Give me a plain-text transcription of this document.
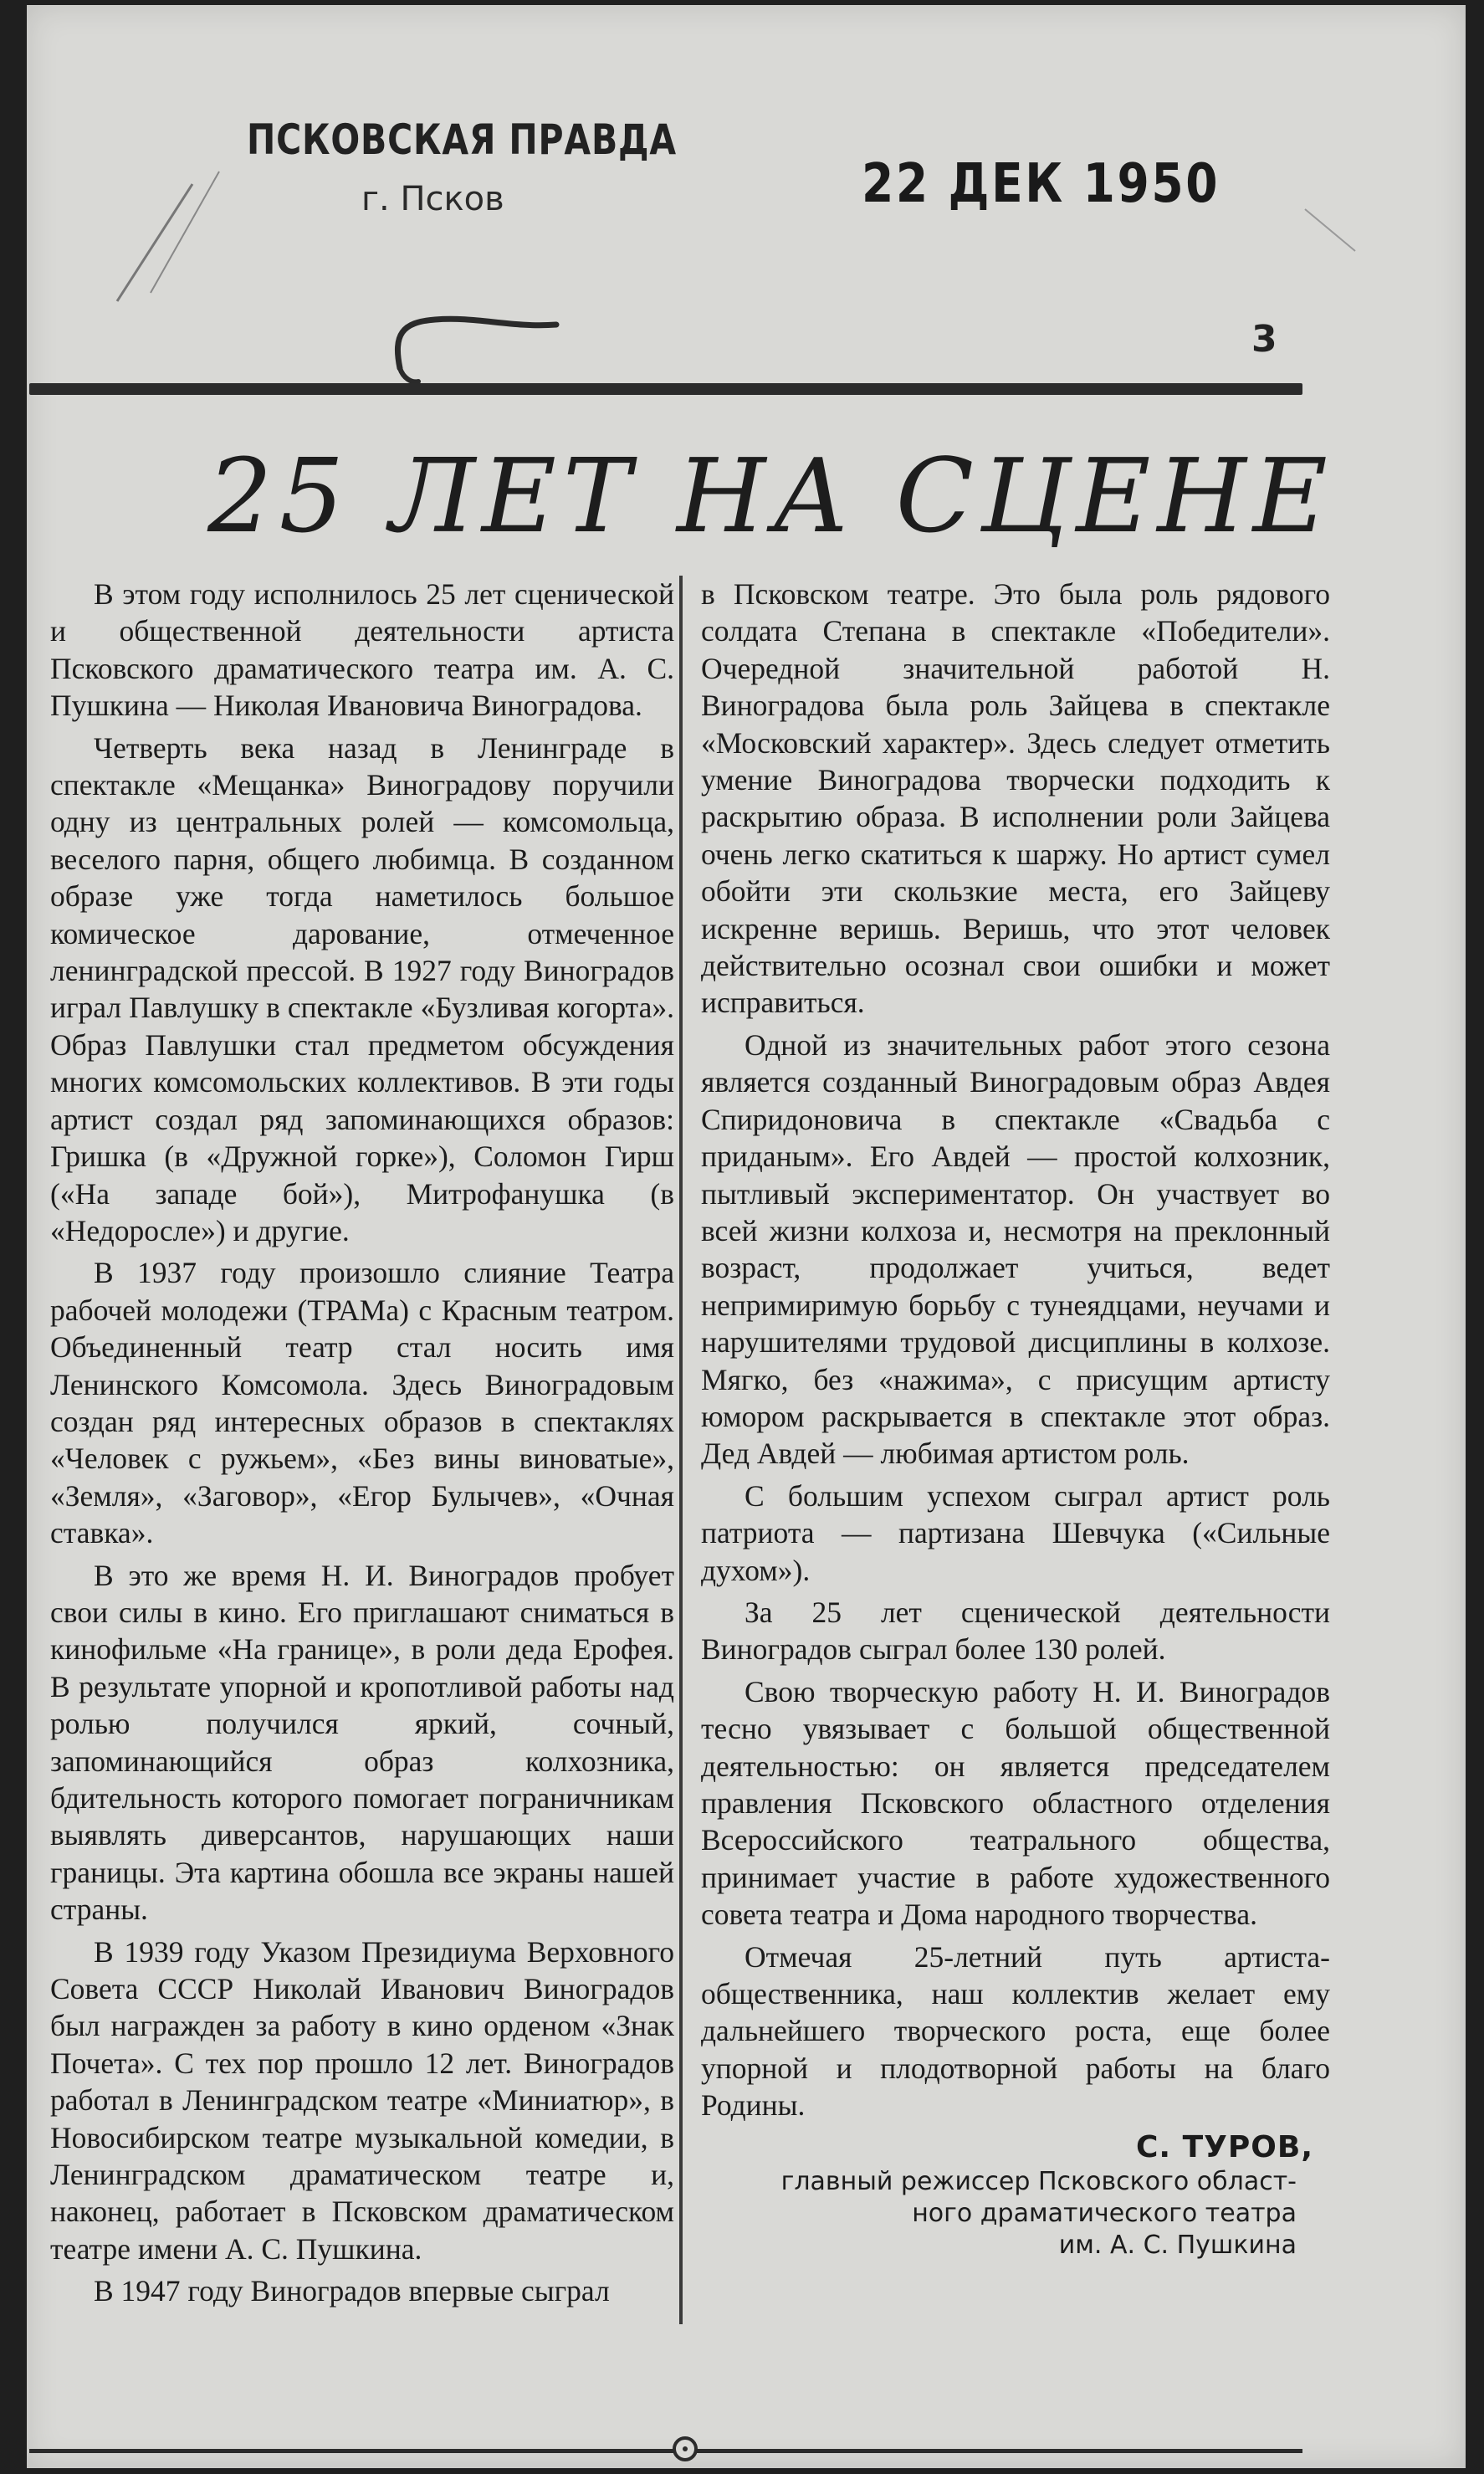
ПСКОВСКАЯ ПРАВДА
г. Псков	22 ДЕК 1950
3
25 ЛЕТ НА СЦЕНЕ

В этом году исполнилось 25 лет сценической и общественной деятельности артиста Псковского драматического театра им. А. С. Пушкина — Николая Ивановича Виноградова.

Четверть века назад в Ленинграде в спектакле «Мещанка» Виноградову поручили одну из центральных ролей — комсомольца, веселого парня, общего любимца. В созданном образе уже тогда наметилось большое комическое дарование, отмеченное ленинградской прессой. В 1927 году Виноградов играл Павлушку в спектакле «Бузливая когорта». Образ Павлушки стал предметом обсуждения многих комсомольских коллективов. В эти годы артист создал ряд запоминающихся образов: Гришка (в «Дружной горке»), Соломон Гирш («На западе бой»), Митрофанушка (в «Недоросле») и другие.

В 1937 году произошло слияние Театра рабочей молодежи (ТРАМа) с Красным театром. Объединенный театр стал носить имя Ленинского Комсомола. Здесь Виноградовым создан ряд интересных образов в спектаклях «Человек с ружьем», «Без вины виноватые», «Земля», «Заговор», «Егор Булычев», «Очная ставка».

В это же время Н. И. Виноградов пробует свои силы в кино. Его приглашают сниматься в кинофильме «На границе», в роли деда Ерофея. В результате упорной и кропотливой работы над ролью получился яркий, сочный, запоминающийся образ колхозника, бдительность которого помогает пограничникам выявлять диверсантов, нарушающих наши границы. Эта картина обошла все экраны нашей страны.

В 1939 году Указом Президиума Верховного Совета СССР Николай Иванович Виноградов был награжден за работу в кино орденом «Знак Почета». С тех пор прошло 12 лет. Виноградов работал в Ленинградском театре «Миниатюр», в Новосибирском театре музыкальной комедии, в Ленинградском драматическом театре и, наконец, работает в Псковском драматическом театре имени А. С. Пушкина.

В 1947 году Виноградов впервые сыграл

в Псковском театре. Это была роль рядового солдата Степана в спектакле «Победители». Очередной значительной работой Н. Виноградова была роль Зайцева в спектакле «Московский характер». Здесь следует отметить умение Виноградова творчески подходить к раскрытию образа. В исполнении роли Зайцева очень легко скатиться к шаржу. Но артист сумел обойти эти скользкие места, его Зайцеву искренне веришь. Веришь, что этот человек действительно осознал свои ошибки и может исправиться.

Одной из значительных работ этого сезона является созданный Виноградовым образ Авдея Спиридоновича в спектакле «Свадьба с приданым». Его Авдей — простой колхозник, пытливый экспериментатор. Он участвует во всей жизни колхоза и, несмотря на преклонный возраст, продолжает учиться, ведет непримиримую борьбу с тунеядцами, неучами и нарушителями трудовой дисциплины в колхозе. Мягко, без «нажима», с присущим артисту юмором раскрывается в спектакле этот образ. Дед Авдей — любимая артистом роль.

С большим успехом сыграл артист роль патриота — партизана Шевчука («Сильные духом»).

За 25 лет сценической деятельности Виноградов сыграл более 130 ролей.

Свою творческую работу Н. И. Виноградов тесно увязывает с большой общественной деятельностью: он является председателем правления Псковского областного отделения Всероссийского театрального общества, принимает участие в работе художественного совета театра и Дома народного творчества.

Отмечая 25-летний путь артиста-общественника, наш коллектив желает ему дальнейшего творческого роста, еще более упорной и плодотворной работы на благо Родины.

С. ТУРОВ,
главный режиссер Псковского област-
ного драматического театра
им. А. С. Пушкина
